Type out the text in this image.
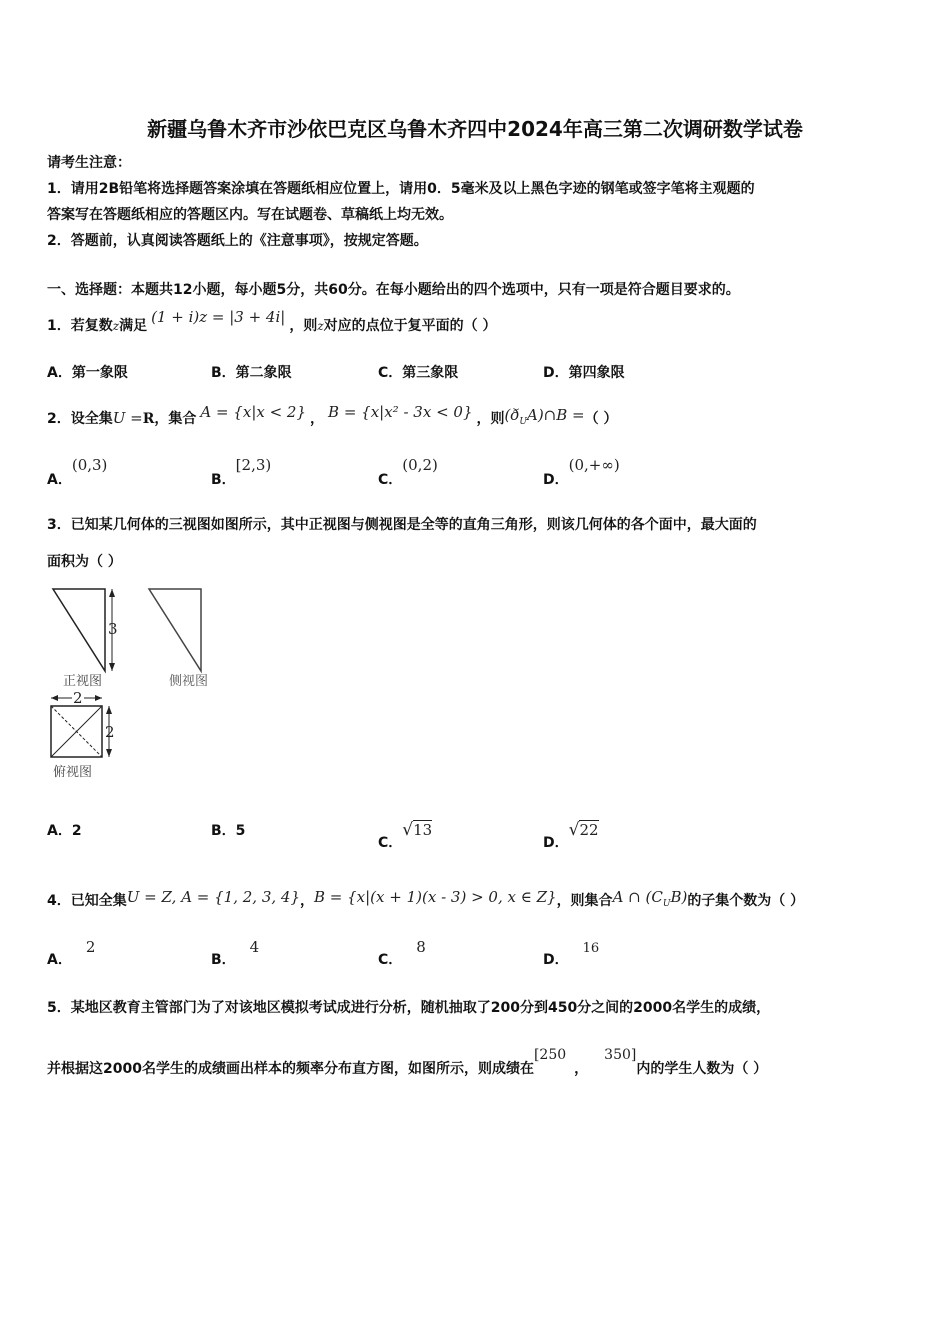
新疆乌鲁木齐市沙依巴克区乌鲁木齐四中2024年高三第二次调研数学试卷
请考生注意：
1．请用2B铅笔将选择题答案涂填在答题纸相应位置上，请用0．5毫米及以上黑色字迹的钢笔或签字笔将主观题的
答案写在答题纸相应的答题区内。写在试题卷、草稿纸上均无效。
2．答题前，认真阅读答题纸上的《注意事项》，按规定答题。
一、选择题：本题共12小题，每小题5分，共60分。在每小题给出的四个选项中，只有一项是符合题目要求的。
1．若复数z满足 (1 + i)z = |3 + 4i| ，则z对应的点位于复平面的（ ）
A．第一象限	B．第二象限	C．第三象限	D．第四象限
2．设全集U =R，集合 A = {x|x < 2} ， B = {x|x² - 3x < 0} ，则$(ð_UA)\cap B$ =（ ）
A．(0,3)
B．[2,3)
C．(0,2)
D．(0,+∞)
3．已知某几何体的三视图如图所示，其中正视图与侧视图是全等的直角三角形，则该几何体的各个面中，最大面的
面积为（ ）
3
正视图	侧视图
2
2
俯视图
A．2	B．5
C．√13
D．√22
4．已知全集U = Z, A = {1, 2, 3, 4}，B = {x|(x + 1)(x - 3) > 0, x ∈ Z}，则集合A ∩ $(C_UB)$的子集个数为（ ）
A．2
B．4
C．8
D．16
5．某地区教育主管部门为了对该地区模拟考试成进行分析，随机抽取了200分到450分之间的2000名学生的成绩，
并根据这2000名学生的成绩画出样本的频率分布直方图，如图所示，则成绩在[250，350]内的学生人数为（ ）
